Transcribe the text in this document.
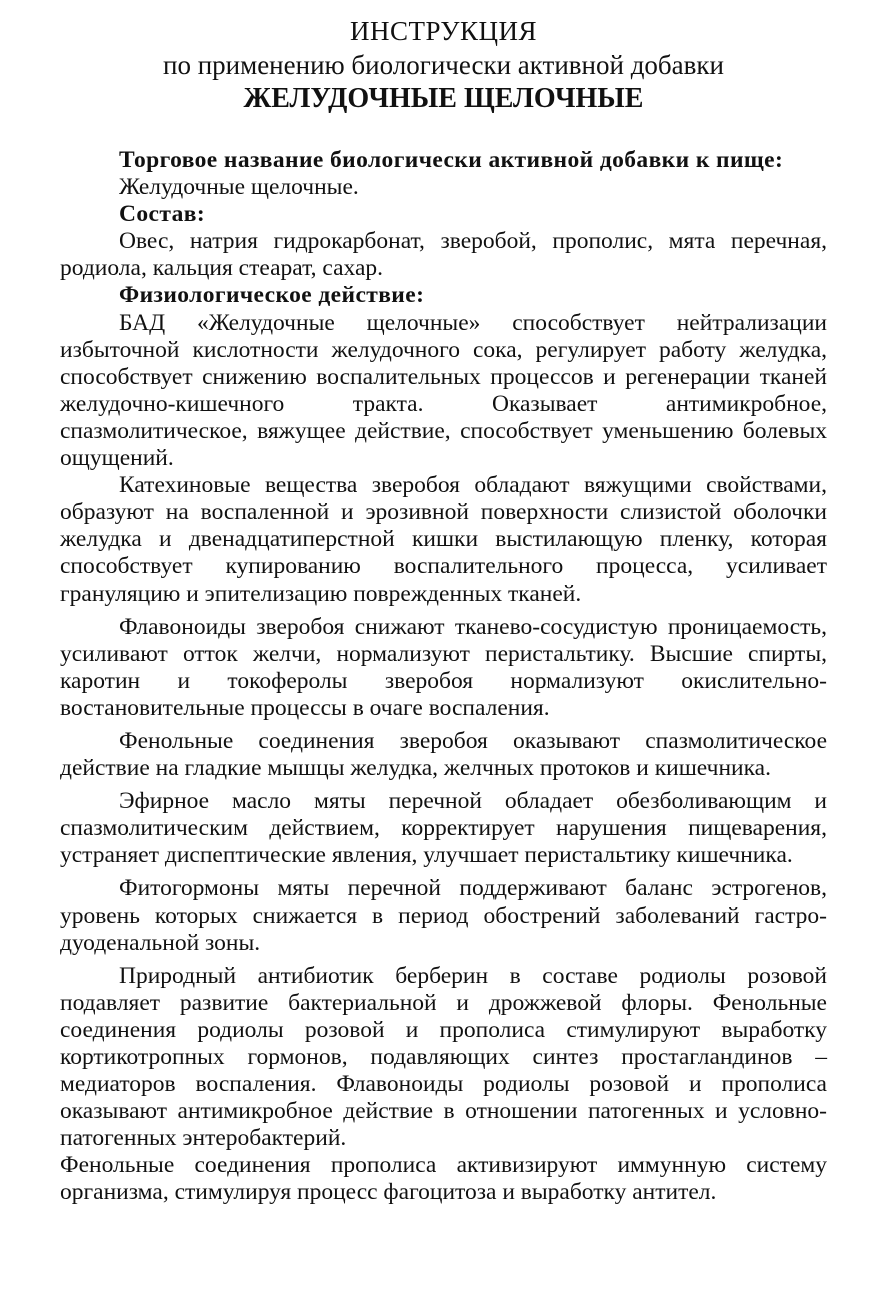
ИНСТРУКЦИЯ
по применению биологически активной добавки
ЖЕЛУДОЧНЫЕ ЩЕЛОЧНЫЕ

Торговое название биологически активной добавки к пище:

Желудочные щелочные.

Состав:

Овес, натрия гидрокарбонат, зверобой, прополис, мята перечная, родиола, кальция стеарат, сахар.

Физиологическое действие:

БАД «Желудочные щелочные» способствует нейтрализации избыточной кислотности желудочного сока, регулирует работу желудка, способствует снижению воспалительных процессов и регенерации тканей желудочно-кишечного тракта. Оказывает антимикробное, спазмолитическое, вяжущее действие, способствует уменьшению болевых ощущений.

Катехиновые вещества зверобоя обладают вяжущими свойствами, образуют на воспаленной и эрозивной поверхности слизистой оболочки желудка и двенадцатиперстной кишки выстилающую пленку, которая способствует купированию воспалительного процесса, усиливает грануляцию и эпителизацию поврежденных тканей.

Флавоноиды зверобоя снижают тканево-сосудистую проницаемость, усиливают отток желчи, нормализуют перистальтику. Высшие спирты, каротин и токоферолы зверобоя нормализуют окислительно-востановительные процессы в очаге воспаления.

Фенольные соединения зверобоя оказывают спазмолитическое действие на гладкие мышцы желудка, желчных протоков и кишечника.

Эфирное масло мяты перечной обладает обезболивающим и спазмолитическим действием, корректирует нарушения пищеварения, устраняет диспептические явления, улучшает перистальтику кишечника.

Фитогормоны мяты перечной поддерживают баланс эстрогенов, уровень которых снижается в период обострений заболеваний гастро-дуоденальной зоны.

Природный антибиотик берберин в составе родиолы розовой подавляет развитие бактериальной и дрожжевой флоры. Фенольные соединения родиолы розовой и прополиса стимулируют выработку кортикотропных гормонов, подавляющих синтез простагландинов – медиаторов воспаления. Флавоноиды родиолы розовой и прополиса оказывают антимикробное действие в отношении патогенных и условно-патогенных энтеробактерий.

Фенольные соединения прополиса активизируют иммунную систему организма, стимулируя процесс фагоцитоза и выработку антител.
